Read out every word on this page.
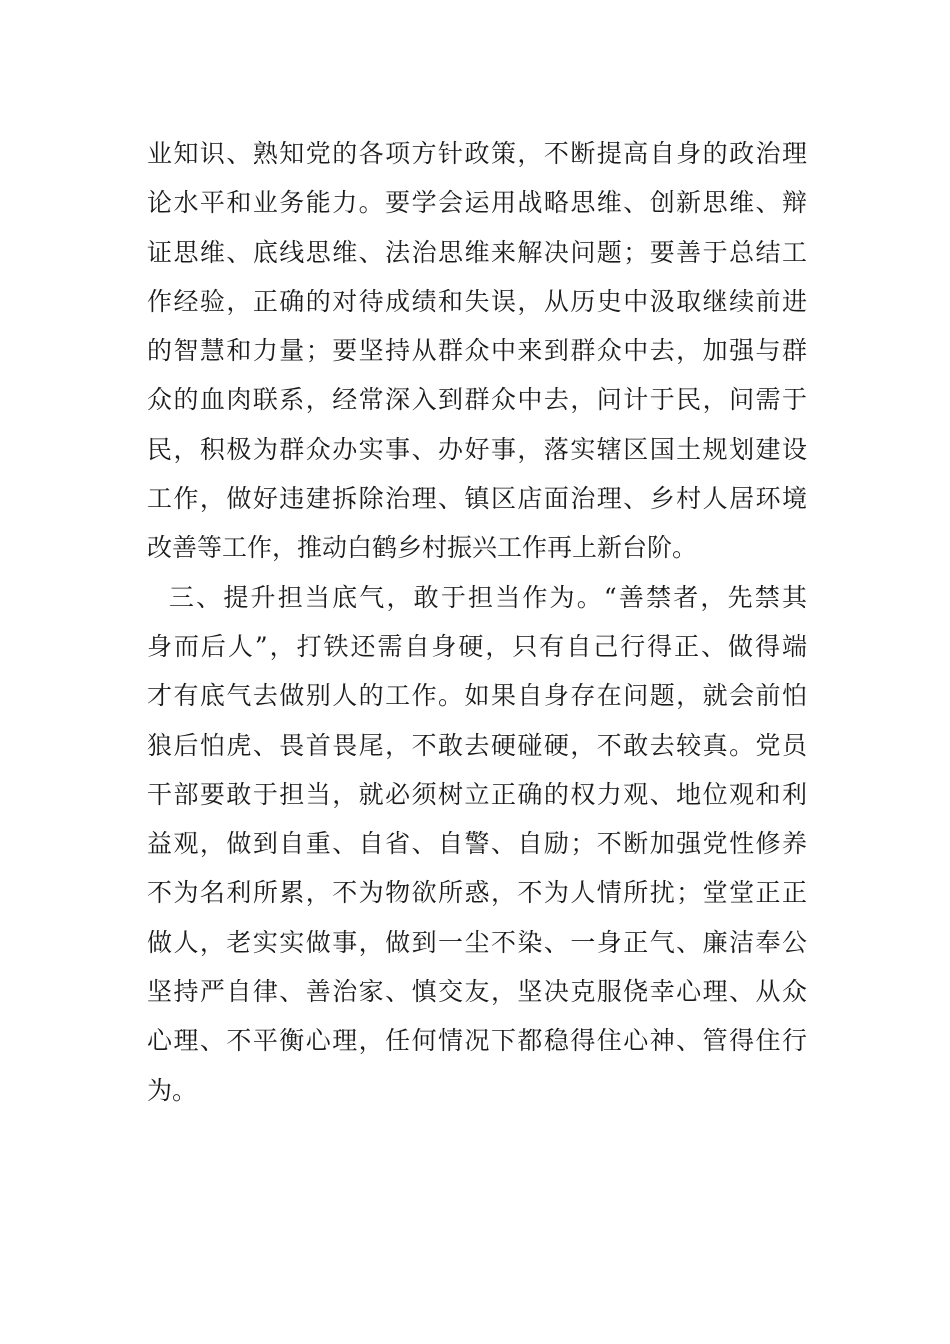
业知识、熟知党的各项方针政策，不断提高自身的政治理
论水平和业务能力。要学会运用战略思维、创新思维、辩
证思维、底线思维、法治思维来解决问题；要善于总结工
作经验，正确的对待成绩和失误，从历史中汲取继续前进
的智慧和力量；要坚持从群众中来到群众中去，加强与群
众的血肉联系，经常深入到群众中去，问计于民，问需于
民，积极为群众办实事、办好事，落实辖区国土规划建设
工作，做好违建拆除治理、镇区店面治理、乡村人居环境
改善等工作，推动白鹤乡村振兴工作再上新台阶。
三、提升担当底气，敢于担当作为。“善禁者，先禁其
身而后人”，打铁还需自身硬，只有自己行得正、做得端
才有底气去做别人的工作。如果自身存在问题，就会前怕
狼后怕虎、畏首畏尾，不敢去硬碰硬，不敢去较真。党员
干部要敢于担当，就必须树立正确的权力观、地位观和利
益观，做到自重、自省、自警、自励；不断加强党性修养
不为名利所累，不为物欲所惑，不为人情所扰；堂堂正正
做人，老实实做事，做到一尘不染、一身正气、廉洁奉公
坚持严自律、善治家、慎交友，坚决克服侥幸心理、从众
心理、不平衡心理，任何情况下都稳得住心神、管得住行
为。
